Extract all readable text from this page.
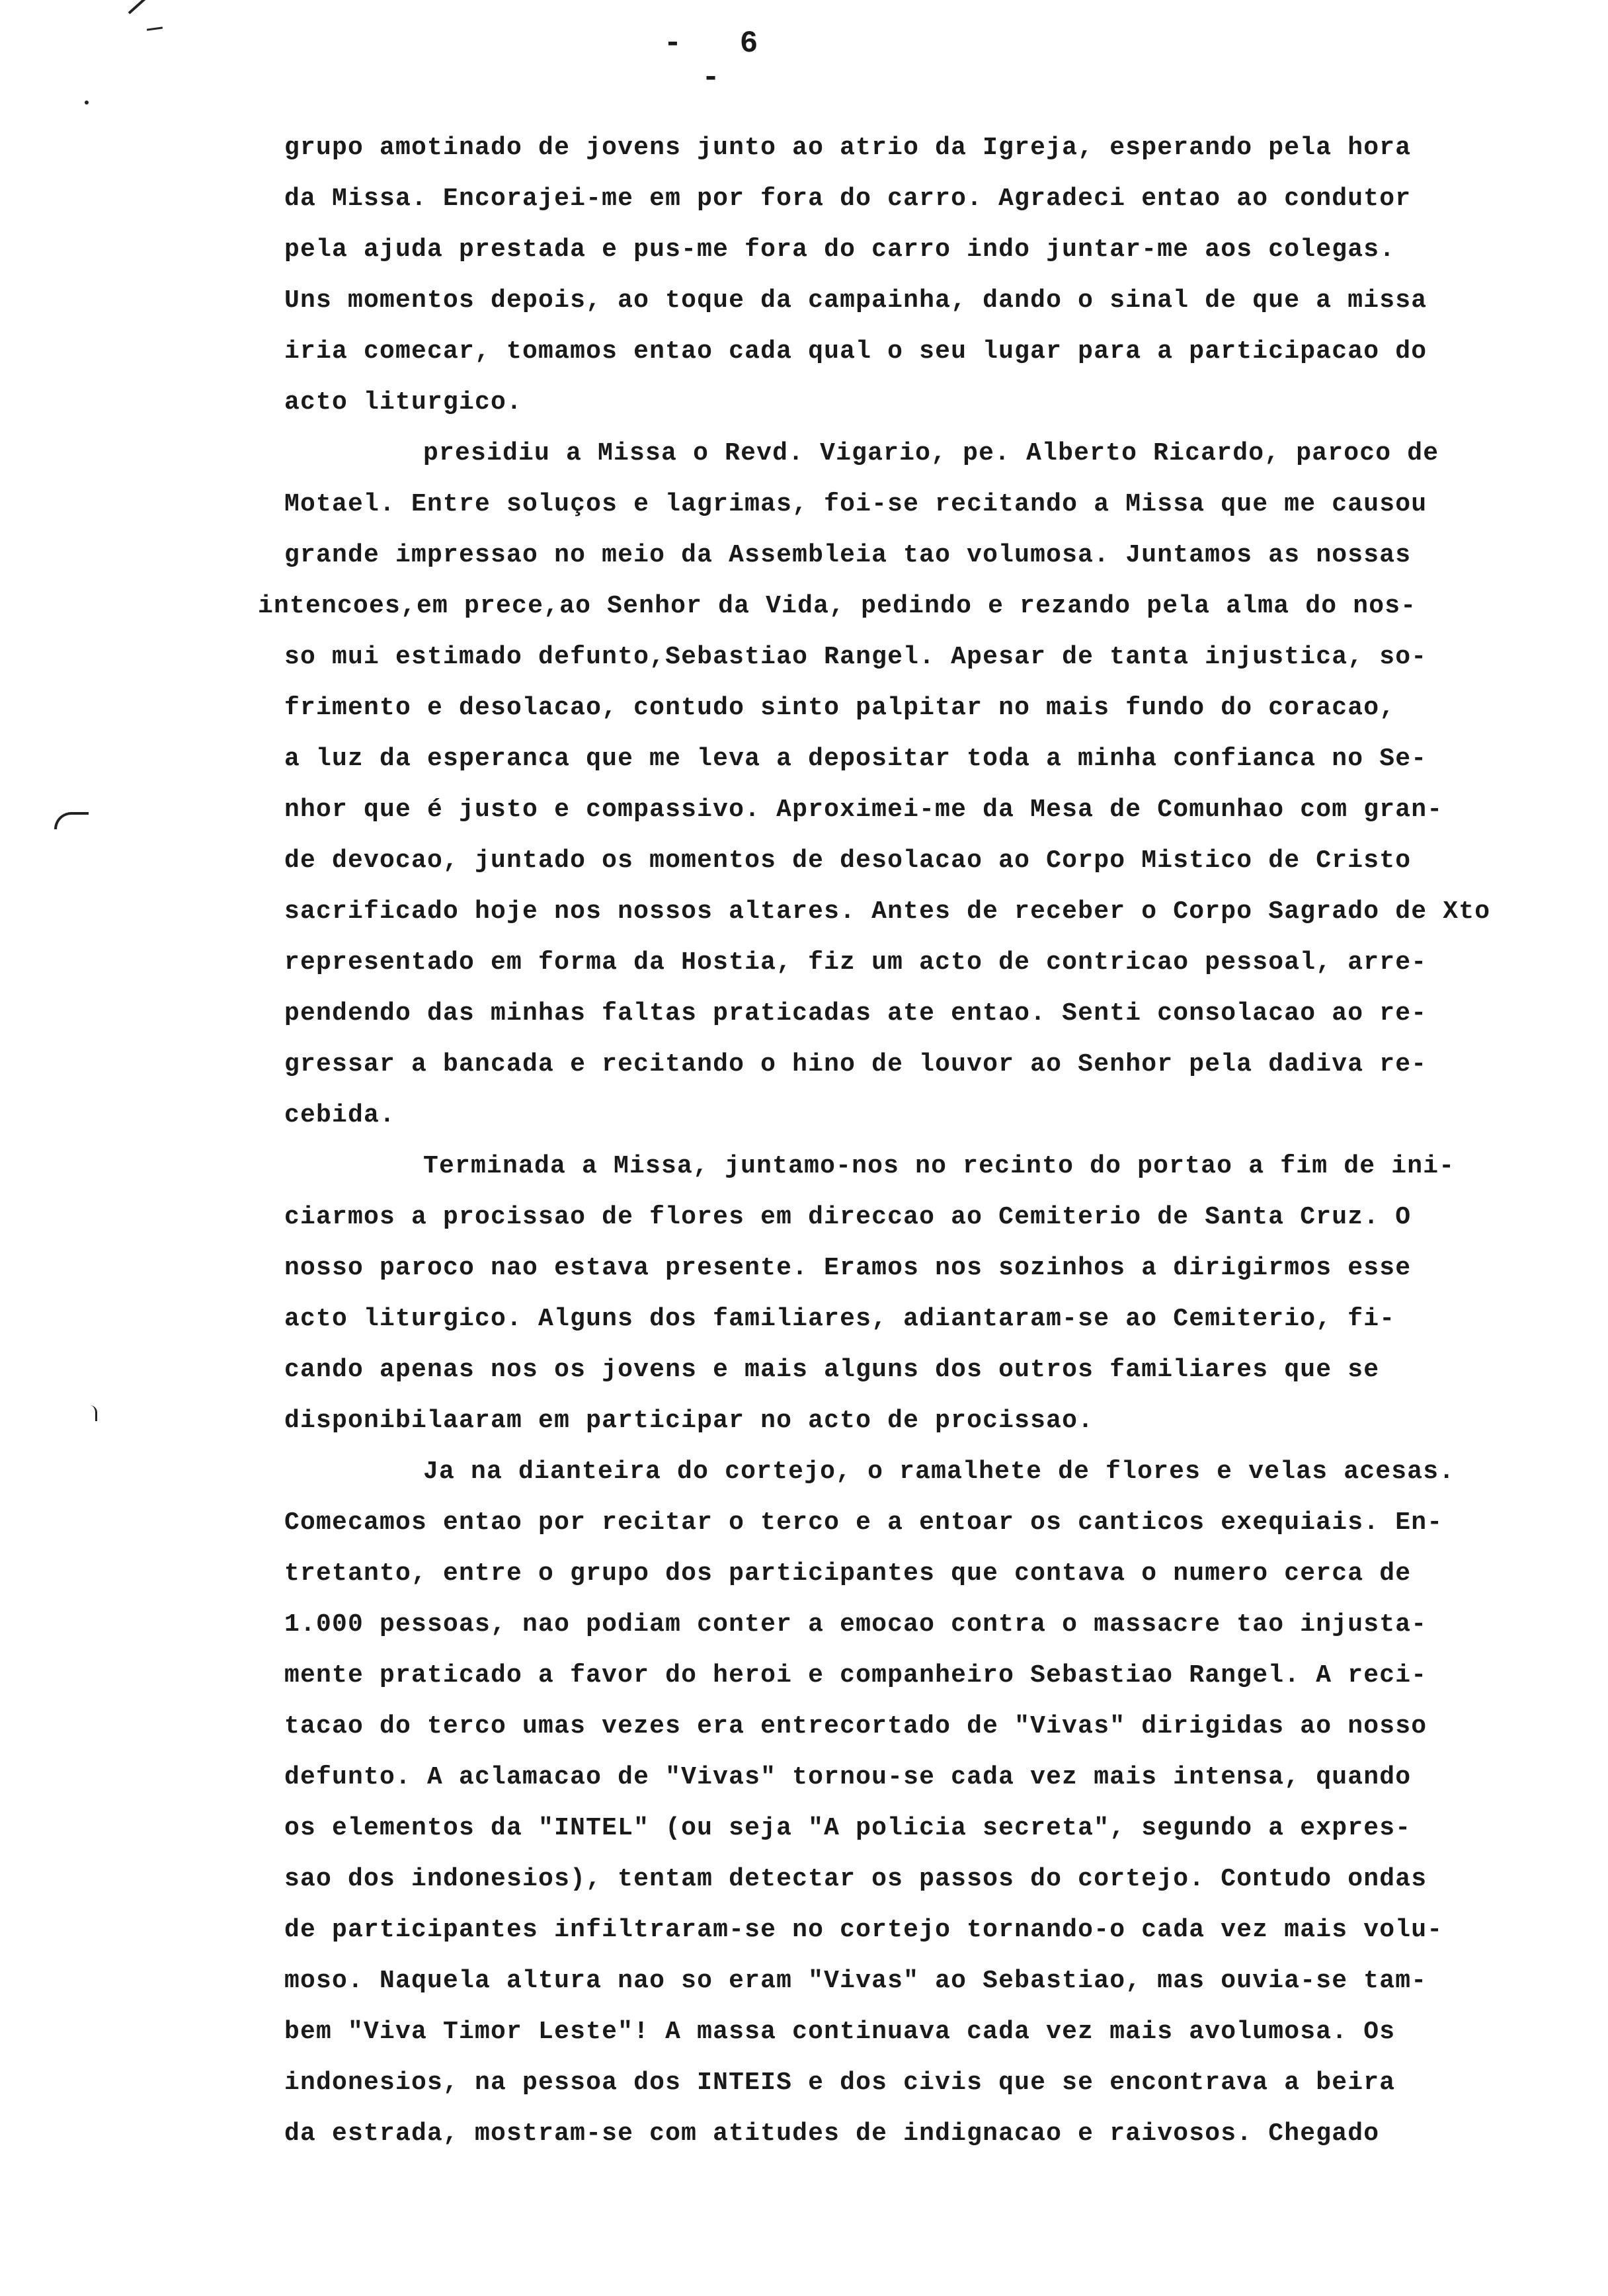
- 6 -
grupo amotinado de jovens junto ao atrio da Igreja, esperando pela hora
da Missa. Encorajei-me em por fora do carro. Agradeci entao ao condutor
pela ajuda prestada e pus-me fora do carro indo juntar-me aos colegas.
Uns momentos depois, ao toque da campainha, dando o sinal de que a missa
iria comecar, tomamos entao cada qual o seu lugar para a participacao do
acto liturgico.
presidiu a Missa o Revd. Vigario, pe. Alberto Ricardo, paroco de
Motael. Entre soluços e lagrimas, foi-se recitando a Missa que me causou
grande impressao no meio da Assembleia tao volumosa. Juntamos as nossas
intencoes,em prece,ao Senhor da Vida, pedindo e rezando pela alma do nos-
so mui estimado defunto,Sebastiao Rangel. Apesar de tanta injustica, so-
frimento e desolacao, contudo sinto palpitar no mais fundo do coracao,
a luz da esperanca que me leva a depositar toda a minha confianca no Se-
nhor que é justo e compassivo. Aproximei-me da Mesa de Comunhao com gran-
de devocao, juntado os momentos de desolacao ao Corpo Mistico de Cristo
sacrificado hoje nos nossos altares. Antes de receber o Corpo Sagrado de Xto
representado em forma da Hostia, fiz um acto de contricao pessoal, arre-
pendendo das minhas faltas praticadas ate entao. Senti consolacao ao re-
gressar a bancada e recitando o hino de louvor ao Senhor pela dadiva re-
cebida.
Terminada a Missa, juntamo-nos no recinto do portao a fim de ini-
ciarmos a procissao de flores em direccao ao Cemiterio de Santa Cruz. O
nosso paroco nao estava presente. Eramos nos sozinhos a dirigirmos esse
acto liturgico. Alguns dos familiares, adiantaram-se ao Cemiterio, fi-
cando apenas nos os jovens e mais alguns dos outros familiares que se
disponibilaaram em participar no acto de procissao.
Ja na dianteira do cortejo, o ramalhete de flores e velas acesas.
Comecamos entao por recitar o terco e a entoar os canticos exequiais. En-
tretanto, entre o grupo dos participantes que contava o numero cerca de
1.000 pessoas, nao podiam conter a emocao contra o massacre tao injusta-
mente praticado a favor do heroi e companheiro Sebastiao Rangel. A reci-
tacao do terco umas vezes era entrecortado de "Vivas" dirigidas ao nosso
defunto. A aclamacao de "Vivas" tornou-se cada vez mais intensa, quando
os elementos da "INTEL" (ou seja "A policia secreta", segundo a expres-
sao dos indonesios), tentam detectar os passos do cortejo. Contudo ondas
de participantes infiltraram-se no cortejo tornando-o cada vez mais volu-
moso. Naquela altura nao so eram "Vivas" ao Sebastiao, mas ouvia-se tam-
bem "Viva Timor Leste"! A massa continuava cada vez mais avolumosa. Os
indonesios, na pessoa dos INTEIS e dos civis que se encontrava a beira
da estrada, mostram-se com atitudes de indignacao e raivosos. Chegado
